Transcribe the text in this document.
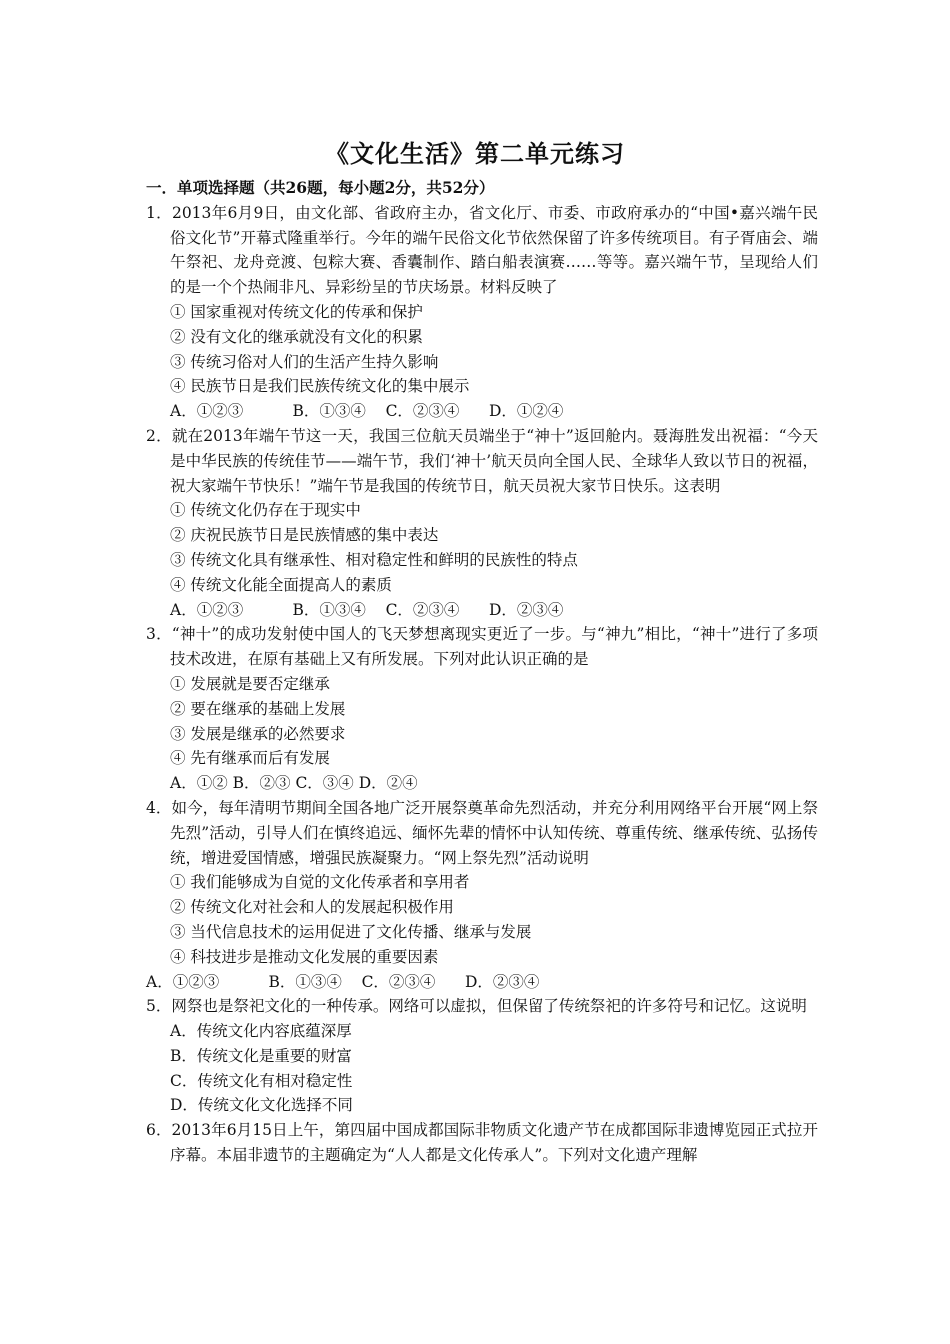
《文化生活》第二单元练习
一．单项选择题（共26题，每小题2分，共52分）
1．2013年6月9日，由文化部、省政府主办，省文化厅、市委、市政府承办的“中国•嘉兴端午民俗文化节”开幕式隆重举行。今年的端午民俗文化节依然保留了许多传统项目。有子胥庙会、端午祭祀、龙舟竞渡、包粽大赛、香囊制作、踏白船表演赛……等等。嘉兴端午节，呈现给人们的是一个个热闹非凡、异彩纷呈的节庆场景。材料反映了
① 国家重视对传统文化的传承和保护
② 没有文化的继承就没有文化的积累
③ 传统习俗对人们的生活产生持久影响
④ 民族节日是我们民族传统文化的集中展示
A．①②③          B．①③④    C．②③④      D．①②④
2．就在2013年端午节这一天，我国三位航天员端坐于“神十”返回舱内。聂海胜发出祝福：“今天是中华民族的传统佳节——端午节，我们‘神十’航天员向全国人民、全球华人致以节日的祝福，祝大家端午节快乐！”端午节是我国的传统节日，航天员祝大家节日快乐。这表明
① 传统文化仍存在于现实中
② 庆祝民族节日是民族情感的集中表达
③ 传统文化具有继承性、相对稳定性和鲜明的民族性的特点
④ 传统文化能全面提高人的素质
A．①②③          B．①③④    C．②③④      D．②③④
3．“神十”的成功发射使中国人的飞天梦想离现实更近了一步。与“神九”相比，“神十”进行了多项技术改进，在原有基础上又有所发展。下列对此认识正确的是
① 发展就是要否定继承
② 要在继承的基础上发展
③ 发展是继承的必然要求
④ 先有继承而后有发展
A．①② B．②③ C．③④ D．②④
4．如今，每年清明节期间全国各地广泛开展祭奠革命先烈活动，并充分利用网络平台开展“网上祭先烈”活动，引导人们在慎终追远、缅怀先辈的情怀中认知传统、尊重传统、继承传统、弘扬传统，增进爱国情感，增强民族凝聚力。“网上祭先烈”活动说明
① 我们能够成为自觉的文化传承者和享用者
② 传统文化对社会和人的发展起积极作用
③ 当代信息技术的运用促进了文化传播、继承与发展
④ 科技进步是推动文化发展的重要因素
A．①②③          B．①③④    C．②③④      D．②③④
5．网祭也是祭祀文化的一种传承。网络可以虚拟，但保留了传统祭祀的许多符号和记忆。这说明
A．传统文化内容底蕴深厚
B．传统文化是重要的财富
C．传统文化有相对稳定性
D．传统文化文化选择不同
6．2013年6月15日上午，第四届中国成都国际非物质文化遗产节在成都国际非遗博览园正式拉开序幕。本届非遗节的主题确定为“人人都是文化传承人”。下列对文化遗产理解
